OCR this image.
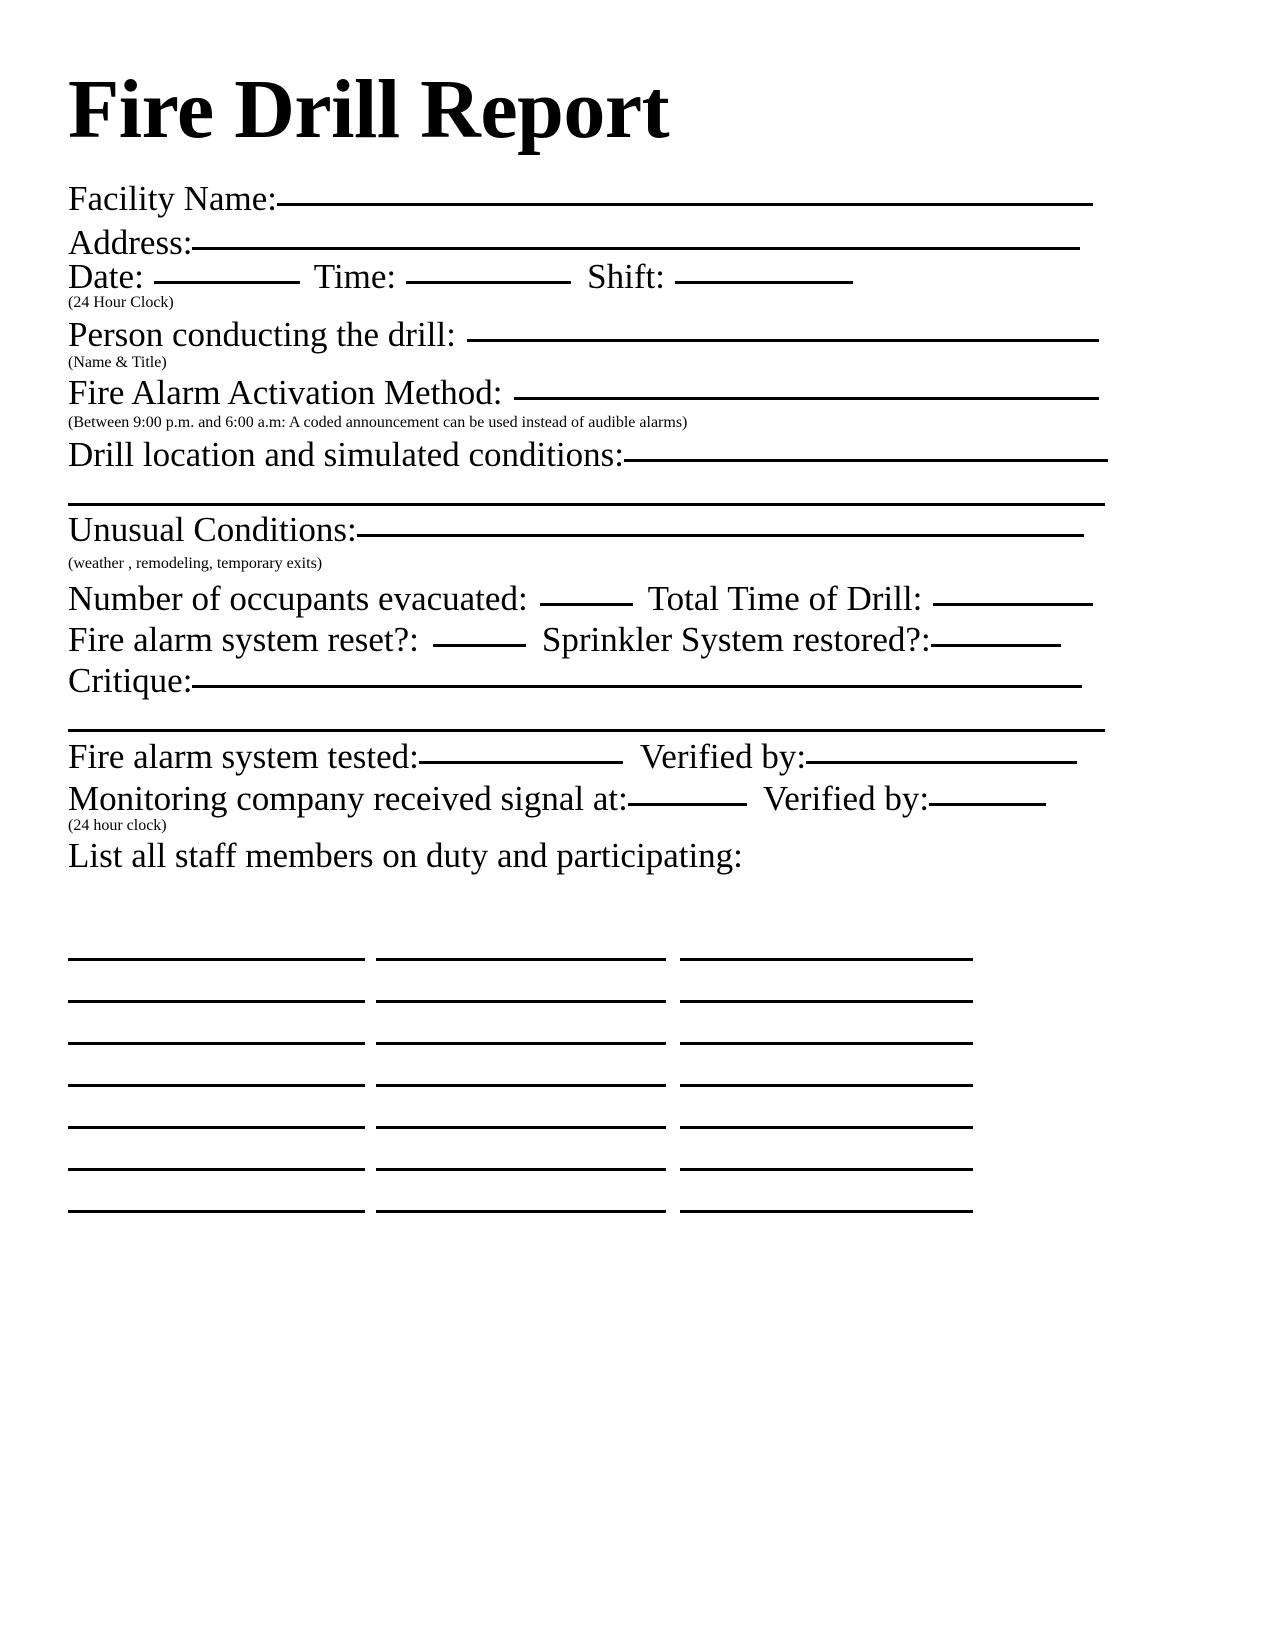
Fire Drill Report
Facility Name:
Address:
Date:	Time:	Shift:
(24 Hour Clock)
Person conducting the drill:
(Name & Title)
Fire Alarm Activation Method:
(Between 9:00 p.m. and 6:00 a.m: A coded announcement can be used instead of audible alarms)
Drill location and simulated conditions:
Unusual Conditions:
(weather , remodeling, temporary exits)
Number of occupants evacuated:	Total Time of Drill:
Fire alarm system reset?:	Sprinkler System restored?:
Critique:
Fire alarm system tested:	Verified by:
Monitoring company received signal at:	Verified by:
(24 hour clock)
List all staff members on duty and participating:
